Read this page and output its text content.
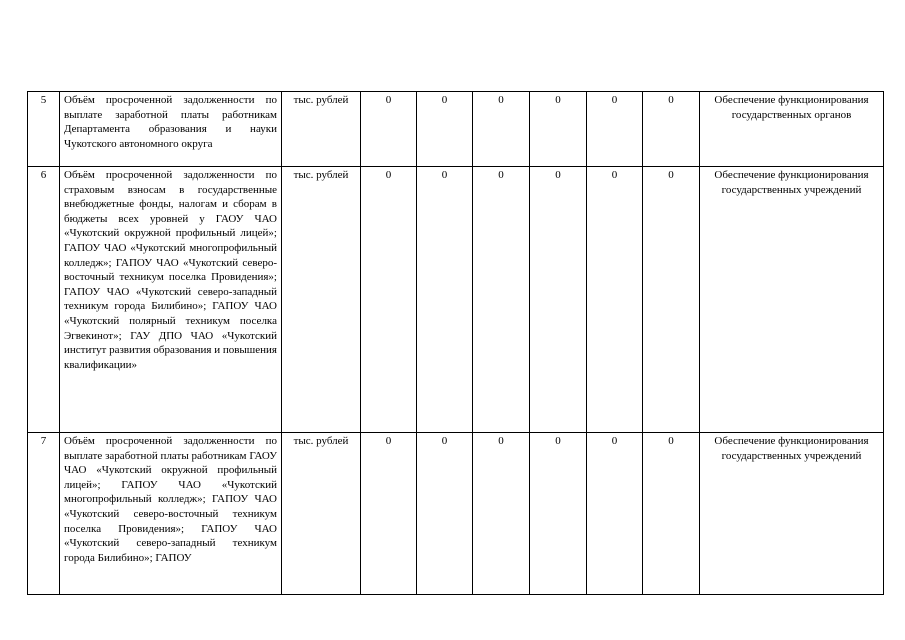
5	Объём просроченной задолженности по выплате заработной платы работникам Департамента образования и науки Чукотского автономного округа	тыс. рублей	0	0	0	0	0	0	Обеспечение функционирования государственных органов
6	Объём просроченной задолженности по страховым взносам в государственные внебюджетные фонды, налогам и сборам в бюджеты всех уровней у ГАОУ ЧАО «Чукотский окружной профильный лицей»; ГАПОУ ЧАО «Чукотский многопрофильный колледж»; ГАПОУ ЧАО «Чукотский северо-восточный техникум поселка Провидения»; ГАПОУ ЧАО «Чукотский северо-западный техникум города Билибино»; ГАПОУ ЧАО «Чукотский полярный техникум поселка Эгвекинот»; ГАУ ДПО ЧАО «Чукотский институт развития образования и повышения квалификации»	тыс. рублей	0	0	0	0	0	0	Обеспечение функционирования государственных учреждений
7	Объём просроченной задолженности по выплате заработной платы работникам ГАОУ ЧАО «Чукотский окружной профильный лицей»; ГАПОУ ЧАО «Чукотский многопрофильный колледж»; ГАПОУ ЧАО «Чукотский северо-восточный техникум поселка Провидения»; ГАПОУ ЧАО «Чукотский северо-западный техникум города Билибино»; ГАПОУ	тыс. рублей	0	0	0	0	0	0	Обеспечение функционирования государственных учреждений
